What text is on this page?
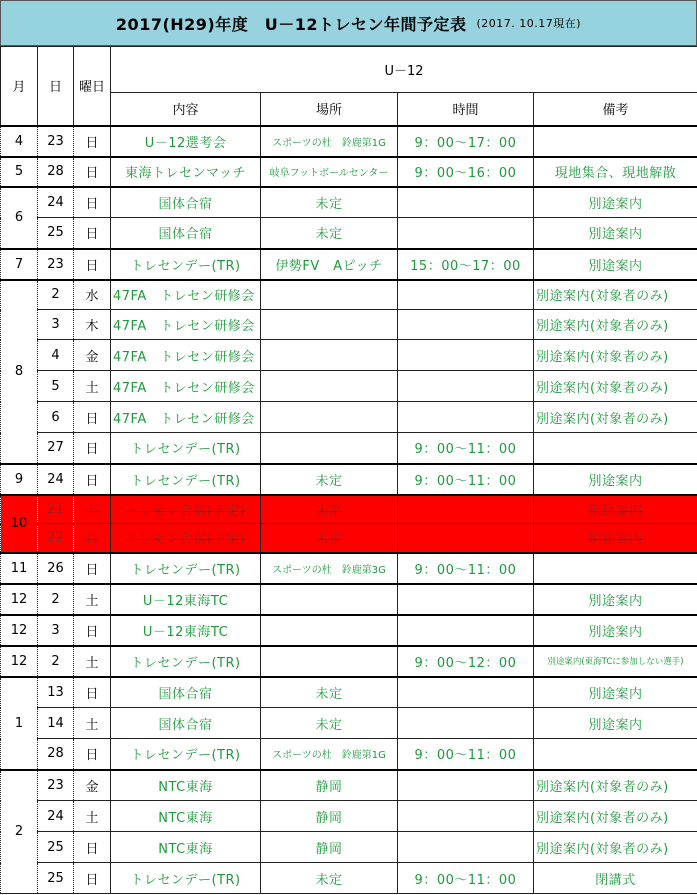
2017(H29)年度　U－12トレセン年間予定表 (2017. 10.17現在)
月	日	曜日	U－12			
			内容	場所	時間	備考
4	23	日	U－12選考会	スポーツの杜　鈴鹿第1G	9：00～17：00	
5	28	日	東海トレセンマッチ	岐阜フットボールセンター	9：00～16：00	現地集合、現地解散
6	24	日	国体合宿	未定		別途案内
	25	日	国体合宿	未定		別途案内
7	23	日	トレセンデー(TR)	伊勢FV　Aピッチ	15：00～17：00	別途案内
8	2	水	47FA　トレセン研修会			別途案内(対象者のみ)
	3	木	47FA　トレセン研修会			別途案内(対象者のみ)
	4	金	47FA　トレセン研修会			別途案内(対象者のみ)
	5	土	47FA　トレセン研修会			別途案内(対象者のみ)
	6	日	47FA　トレセン研修会			別途案内(対象者のみ)
	27	日	トレセンデー(TR)		9：00～11：00	
9	24	日	トレセンデー(TR)	未定	9：00～11：00	別途案内
10	21	土	トレセン合宿(予定)	未定		別途案内
	22	日	トレセン合宿(予定)	未定		別途案内
11	26	日	トレセンデー(TR)	スポーツの杜　鈴鹿第3G	9：00～11：00	
12	2	土	U－12東海TC			別途案内
12	3	日	U－12東海TC			別途案内
12	2	土	トレセンデー(TR)		9：00～12：00	別途案内(東海TCに参加しない選手)
1	13	日	国体合宿	未定		別途案内
	14	土	国体合宿	未定		別途案内
	28	日	トレセンデー(TR)	スポーツの杜　鈴鹿第1G	9：00～11：00	
2	23	金	NTC東海	静岡		別途案内(対象者のみ)
	24	土	NTC東海	静岡		別途案内(対象者のみ)
	25	日	NTC東海	静岡		別途案内(対象者のみ)
	25	日	トレセンデー(TR)	未定	9：00～11：00	閉講式
